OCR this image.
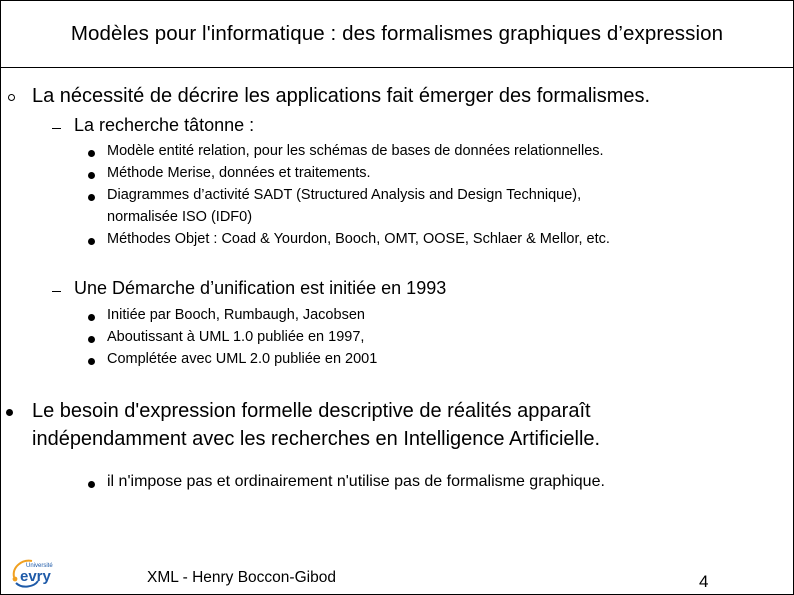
Modèles pour l'informatique : des formalismes graphiques d’expression
La nécessité de décrire les applications fait émerger des formalismes.
La recherche tâtonne :
Modèle entité relation, pour les schémas de bases de données relationnelles.
Méthode Merise, données et traitements.
Diagrammes d’activité SADT (Structured Analysis and Design Technique),
normalisée ISO (IDF0)
Méthodes Objet : Coad & Yourdon, Booch, OMT, OOSE, Schlaer & Mellor, etc.
Une Démarche d’unification est initiée en 1993
Initiée par Booch, Rumbaugh, Jacobsen
Aboutissant à UML 1.0 publiée en 1997,
Complétée avec UML 2.0 publiée en 2001
Le besoin d'expression formelle descriptive de réalités apparaît
indépendamment avec les recherches en Intelligence Artificielle.
il n'impose pas et ordinairement n'utilise pas de formalisme graphique.
Université
evry	XML - Henry Boccon-Gibod	4
